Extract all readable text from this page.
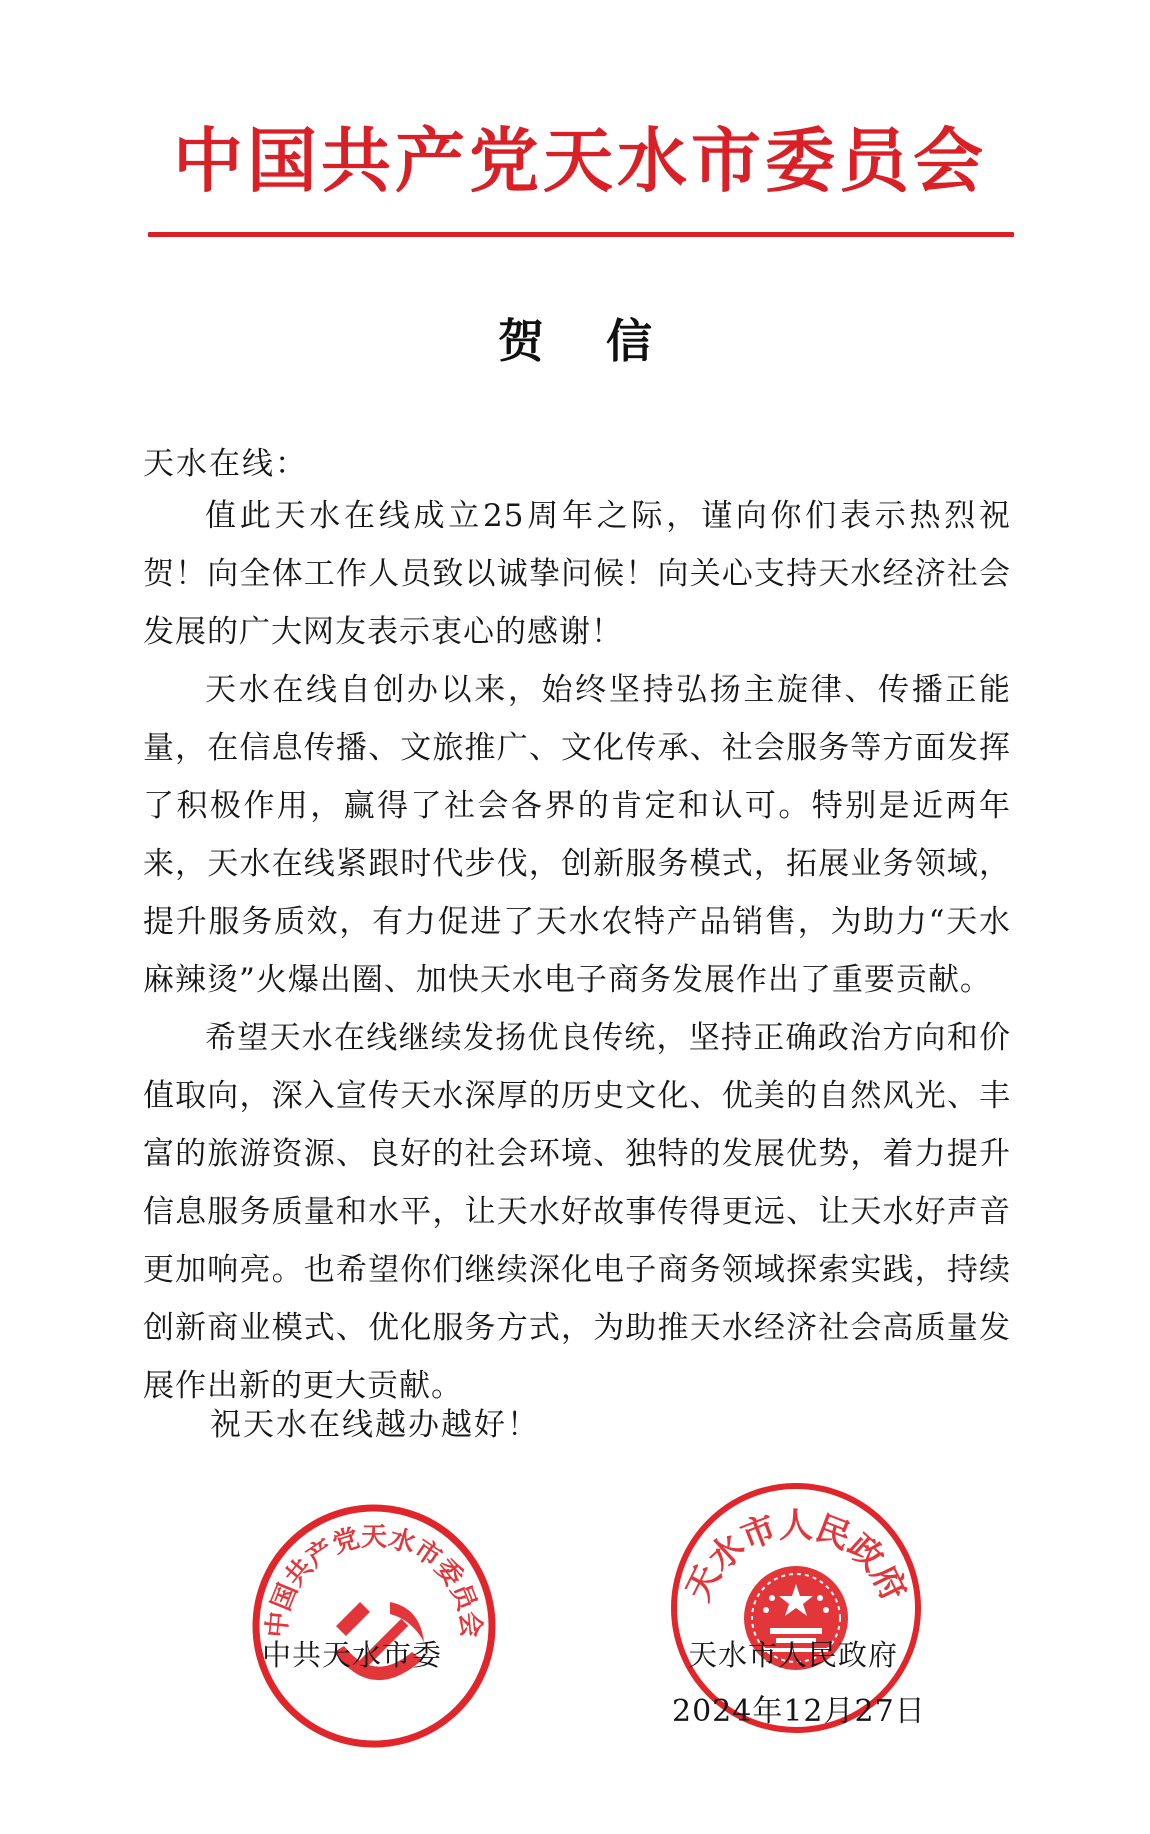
中国共产党天水市委员会
贺信
天水在线：

值此天水在线成立25周年之际，谨向你们表示热烈祝贺！向全体工作人员致以诚挚问候！向关心支持天水经济社会发展的广大网友表示衷心的感谢！

天水在线自创办以来，始终坚持弘扬主旋律、传播正能量，在信息传播、文旅推广、文化传承、社会服务等方面发挥了积极作用，赢得了社会各界的肯定和认可。特别是近两年来，天水在线紧跟时代步伐，创新服务模式，拓展业务领域，提升服务质效，有力促进了天水农特产品销售，为助力“天水麻辣烫”火爆出圈、加快天水电子商务发展作出了重要贡献。

希望天水在线继续发扬优良传统，坚持正确政治方向和价值取向，深入宣传天水深厚的历史文化、优美的自然风光、丰富的旅游资源、良好的社会环境、独特的发展优势，着力提升信息服务质量和水平，让天水好故事传得更远、让天水好声音更加响亮。也希望你们继续深化电子商务领域探索实践，持续创新商业模式、优化服务方式，为助推天水经济社会高质量发展作出新的更大贡献。

祝天水在线越办越好！
中国共产党天水市委员会
天水市人民政府
中共天水市委	天水市人民政府
2024年12月27日
